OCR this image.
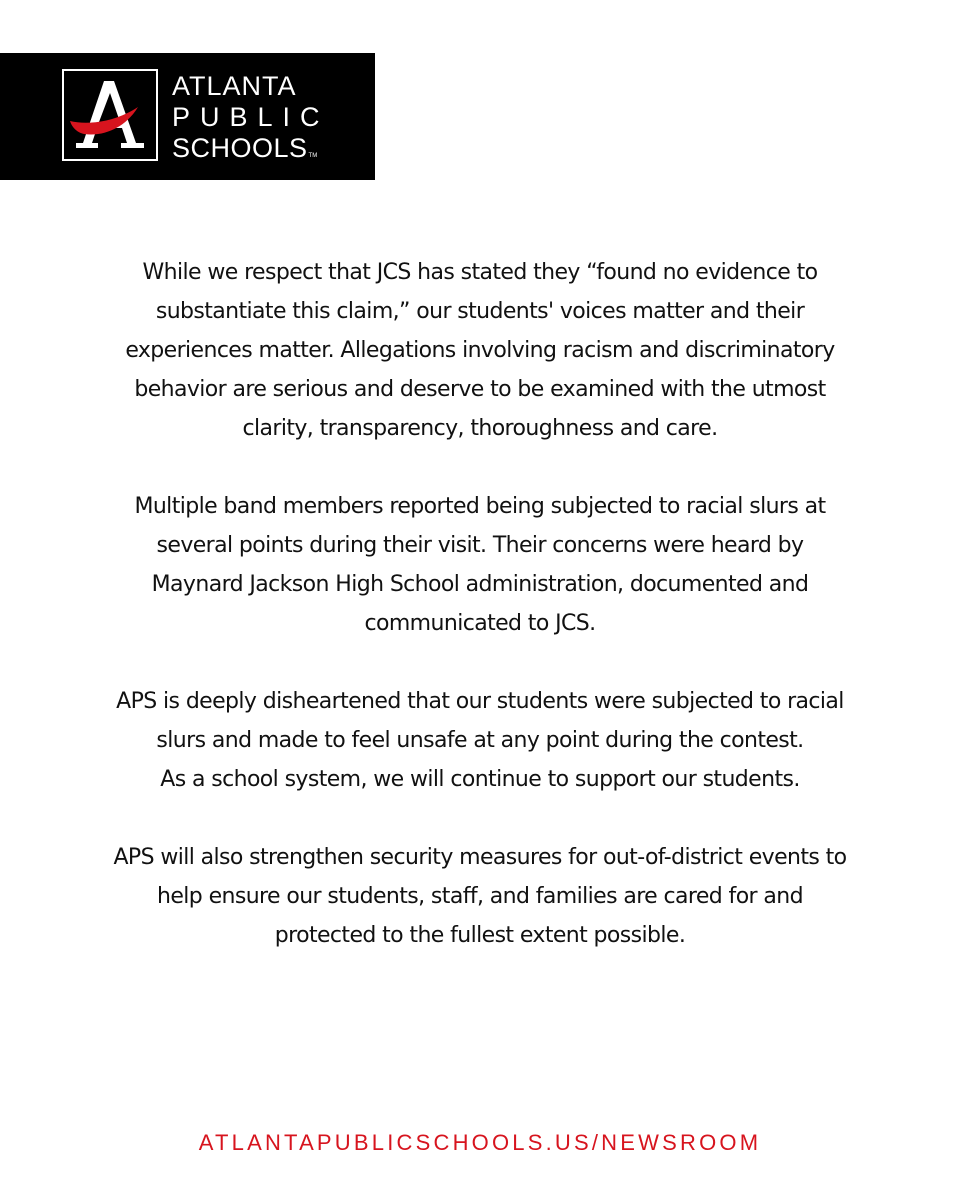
ATLANTA
PUBLIC
SCHOOLSTM

While we respect that JCS has stated they “found no evidence to
substantiate this claim,” our students' voices matter and their
experiences matter. Allegations involving racism and discriminatory
behavior are serious and deserve to be examined with the utmost
clarity, transparency, thoroughness and care.

Multiple band members reported being subjected to racial slurs at
several points during their visit. Their concerns were heard by
Maynard Jackson High School administration, documented and
communicated to JCS.

APS is deeply disheartened that our students were subjected to racial
slurs and made to feel unsafe at any point during the contest.
As a school system, we will continue to support our students.

APS will also strengthen security measures for out-of-district events to
help ensure our students, staff, and families are cared for and
protected to the fullest extent possible.

ATLANTAPUBLICSCHOOLS.US/NEWSROOM
